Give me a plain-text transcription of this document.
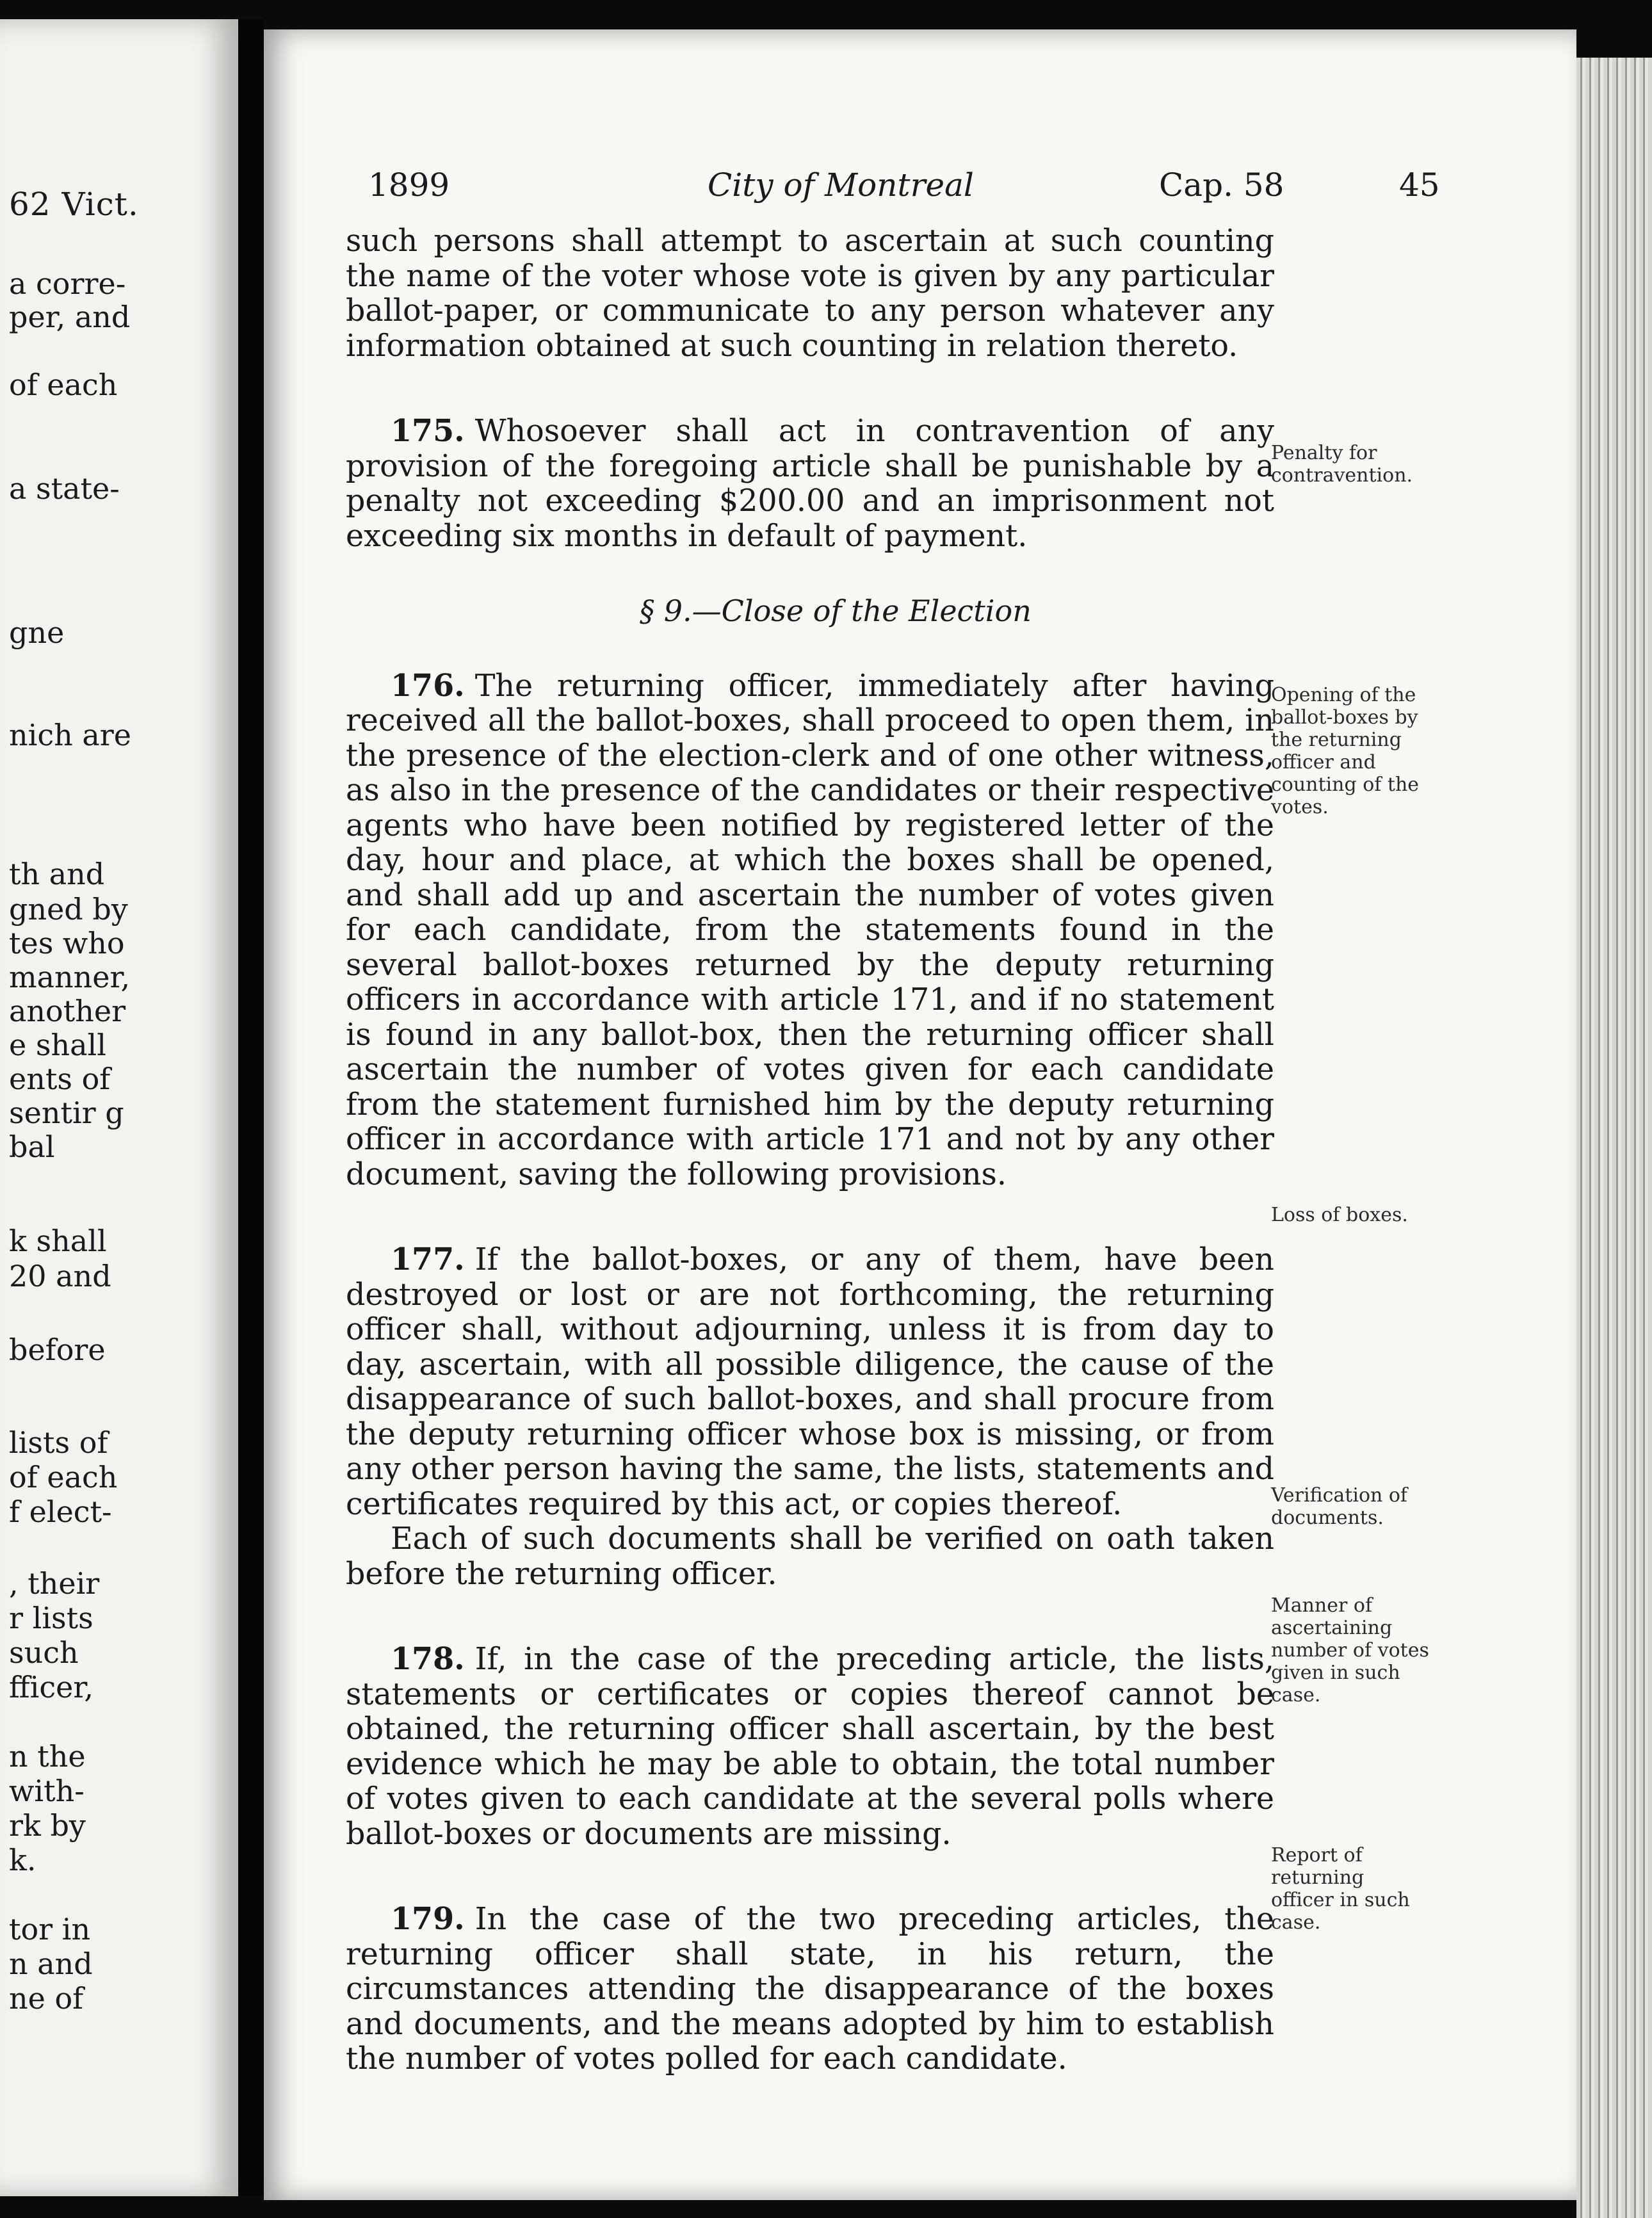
62 Vict.
a corre-
per, and
of each
a state-
gne
nich are
th and
gned by
tes who
manner,
another
e shall
ents of
sentir g
bal
k shall
20 and
before
lists of
of each
f elect-
, their
r lists
such
fficer,
n the
with-
rk by
k.
tor in
n and
ne of
1899	City of Montreal	Cap. 58	45

such persons shall attempt to ascertain at such counting the name of the voter whose vote is given by any particular ballot-paper, or communicate to any person whatever any information obtained at such counting in relation thereto.

175. Whosoever shall act in contravention of any provision of the foregoing article shall be punishable by a penalty not exceeding $200.00 and an imprisonment not exceeding six months in default of payment.

§ 9.—Close of the Election

176. The returning officer, immediately after having received all the ballot-boxes, shall proceed to open them, in the presence of the election-clerk and of one other witness, as also in the presence of the candidates or their respective agents who have been notified by registered letter of the day, hour and place, at which the boxes shall be opened, and shall add up and ascertain the number of votes given for each candidate, from the statements found in the several ballot-boxes returned by the deputy returning officers in accordance with article 171, and if no statement is found in any ballot-box, then the returning officer shall ascertain the number of votes given for each candidate from the statement furnished him by the deputy returning officer in accordance with article 171 and not by any other document, saving the following provisions.

177. If the ballot-boxes, or any of them, have been destroyed or lost or are not forthcoming, the returning officer shall, without adjourning, unless it is from day to day, ascertain, with all possible diligence, the cause of the disappearance of such ballot-boxes, and shall procure from the deputy returning officer whose box is missing, or from any other person having the same, the lists, statements and certificates required by this act, or copies thereof.

Each of such documents shall be verified on oath taken before the returning officer.

178. If, in the case of the preceding article, the lists, statements or certificates or copies thereof cannot be obtained, the returning officer shall ascertain, by the best evidence which he may be able to obtain, the total number of votes given to each candidate at the several polls where ballot-boxes or documents are missing.

179. In the case of the two preceding articles, the returning officer shall state, in his return, the circumstances attending the disappearance of the boxes and documents, and the means adopted by him to establish the number of votes polled for each candidate.

Penalty for contravention.
Opening of the ballot-boxes by the returning officer and counting of the votes.
Loss of boxes.
Verification of documents.
Manner of ascertaining number of votes given in such case.
Report of returning officer in such case.
